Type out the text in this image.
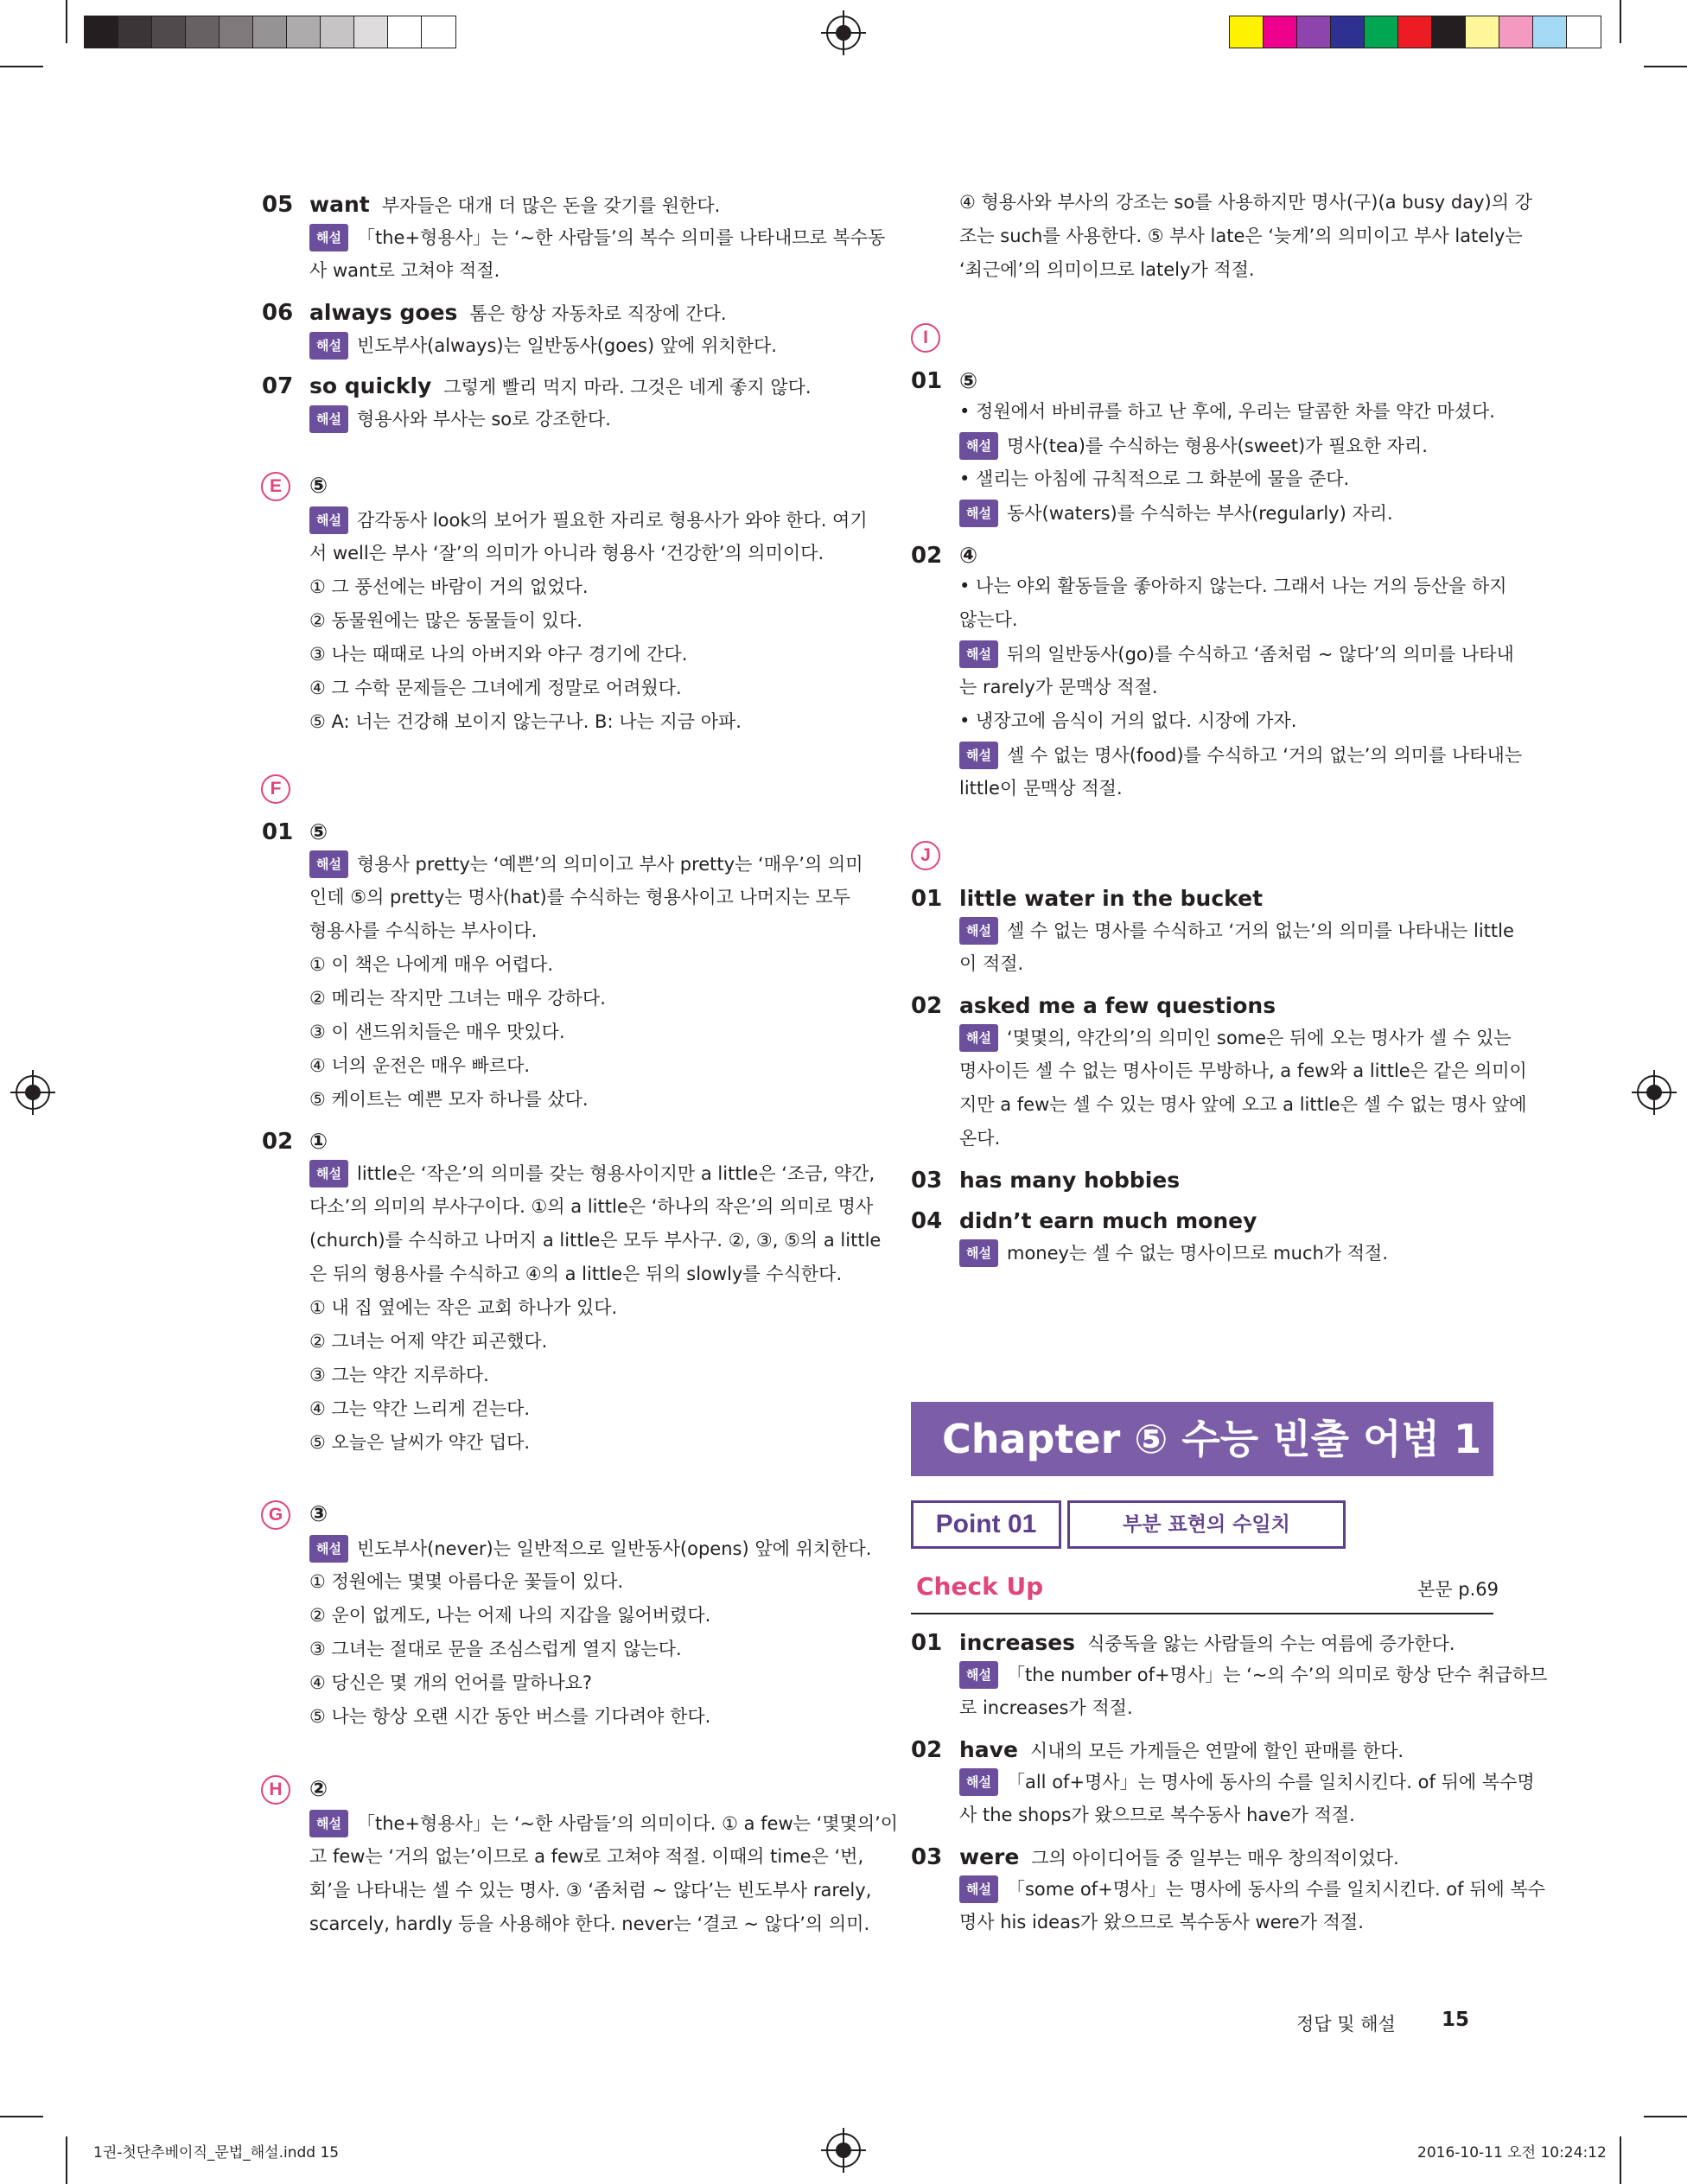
1권-첫단추베이직_문법_해설.indd 15	2016-10-11 오전 10:24:12
05 want 부자들은 대개 더 많은 돈을 갖기를 원한다.
해설 「the+형용사」는 ‘~한 사람들’의 복수 의미를 나타내므로 복수동
사 want로 고쳐야 적절.
06 always goes 톰은 항상 자동차로 직장에 간다.
해설 빈도부사(always)는 일반동사(goes) 앞에 위치한다.
07 so quickly 그렇게 빨리 먹지 마라. 그것은 네게 좋지 않다.
해설 형용사와 부사는 so로 강조한다.
E	⑤
해설 감각동사 look의 보어가 필요한 자리로 형용사가 와야 한다. 여기
서 well은 부사 ‘잘’의 의미가 아니라 형용사 ‘건강한’의 의미이다.
① 그 풍선에는 바람이 거의 없었다.
② 동물원에는 많은 동물들이 있다.
③ 나는 때때로 나의 아버지와 야구 경기에 간다.
④ 그 수학 문제들은 그녀에게 정말로 어려웠다.
⑤ A: 너는 건강해 보이지 않는구나. B: 나는 지금 아파.
F
01 ⑤
해설 형용사 pretty는 ‘예쁜’의 의미이고 부사 pretty는 ‘매우’의 의미
인데 ⑤의 pretty는 명사(hat)를 수식하는 형용사이고 나머지는 모두
형용사를 수식하는 부사이다.
① 이 책은 나에게 매우 어렵다.
② 메리는 작지만 그녀는 매우 강하다.
③ 이 샌드위치들은 매우 맛있다.
④ 너의 운전은 매우 빠르다.
⑤ 케이트는 예쁜 모자 하나를 샀다.
02 ①
해설 little은 ‘작은’의 의미를 갖는 형용사이지만 a little은 ‘조금, 약간,
다소’의 의미의 부사구이다. ①의 a little은 ‘하나의 작은’의 의미로 명사
(church)를 수식하고 나머지 a little은 모두 부사구. ②, ③, ⑤의 a little
은 뒤의 형용사를 수식하고 ④의 a little은 뒤의 slowly를 수식한다.
① 내 집 옆에는 작은 교회 하나가 있다.
② 그녀는 어제 약간 피곤했다.
③ 그는 약간 지루하다.
④ 그는 약간 느리게 걷는다.
⑤ 오늘은 날씨가 약간 덥다.
G	③
해설 빈도부사(never)는 일반적으로 일반동사(opens) 앞에 위치한다.
① 정원에는 몇몇 아름다운 꽃들이 있다.
② 운이 없게도, 나는 어제 나의 지갑을 잃어버렸다.
③ 그녀는 절대로 문을 조심스럽게 열지 않는다.
④ 당신은 몇 개의 언어를 말하나요?
⑤ 나는 항상 오랜 시간 동안 버스를 기다려야 한다.
H	②
해설 「the+형용사」는 ‘~한 사람들’의 의미이다. ① a few는 ‘몇몇의’이
고 few는 ‘거의 없는’이므로 a few로 고쳐야 적절. 이때의 time은 ‘번,
회’을 나타내는 셀 수 있는 명사. ③ ‘좀처럼 ~ 않다’는 빈도부사 rarely,
scarcely, hardly 등을 사용해야 한다. never는 ‘결코 ~ 않다’의 의미.
④ 형용사와 부사의 강조는 so를 사용하지만 명사(구)(a busy day)의 강
조는 such를 사용한다. ⑤ 부사 late은 ‘늦게’의 의미이고 부사 lately는
‘최근에’의 의미이므로 lately가 적절.
I
01 ⑤
• 정원에서 바비큐를 하고 난 후에, 우리는 달콤한 차를 약간 마셨다.
해설 명사(tea)를 수식하는 형용사(sweet)가 필요한 자리.
• 샐리는 아침에 규칙적으로 그 화분에 물을 준다.
해설 동사(waters)를 수식하는 부사(regularly) 자리.
02 ④
• 나는 야외 활동들을 좋아하지 않는다. 그래서 나는 거의 등산을 하지
않는다.
해설 뒤의 일반동사(go)를 수식하고 ‘좀처럼 ~ 않다’의 의미를 나타내
는 rarely가 문맥상 적절.
• 냉장고에 음식이 거의 없다. 시장에 가자.
해설 셀 수 없는 명사(food)를 수식하고 ‘거의 없는’의 의미를 나타내는
little이 문맥상 적절.
J
01 little water in the bucket
해설 셀 수 없는 명사를 수식하고 ‘거의 없는’의 의미를 나타내는 little
이 적절.
02 asked me a few questions
해설 ‘몇몇의, 약간의’의 의미인 some은 뒤에 오는 명사가 셀 수 있는
명사이든 셀 수 없는 명사이든 무방하나, a few와 a little은 같은 의미이
지만 a few는 셀 수 있는 명사 앞에 오고 a little은 셀 수 없는 명사 앞에
온다.
03 has many hobbies
04 didn’t earn much money
해설 money는 셀 수 없는 명사이므로 much가 적절.
Chapter ⑤ 수능 빈출 어법 1
Point 01	부분 표현의 수일치
Check Up	본문 p.69
01 increases 식중독을 앓는 사람들의 수는 여름에 증가한다.
해설 「the number of+명사」는 ‘~의 수’의 의미로 항상 단수 취급하므
로 increases가 적절.
02 have 시내의 모든 가게들은 연말에 할인 판매를 한다.
해설 「all of+명사」는 명사에 동사의 수를 일치시킨다. of 뒤에 복수명
사 the shops가 왔으므로 복수동사 have가 적절.
03 were 그의 아이디어들 중 일부는 매우 창의적이었다.
해설 「some of+명사」는 명사에 동사의 수를 일치시킨다. of 뒤에 복수
명사 his ideas가 왔으므로 복수동사 were가 적절.
정답 및 해설 15
